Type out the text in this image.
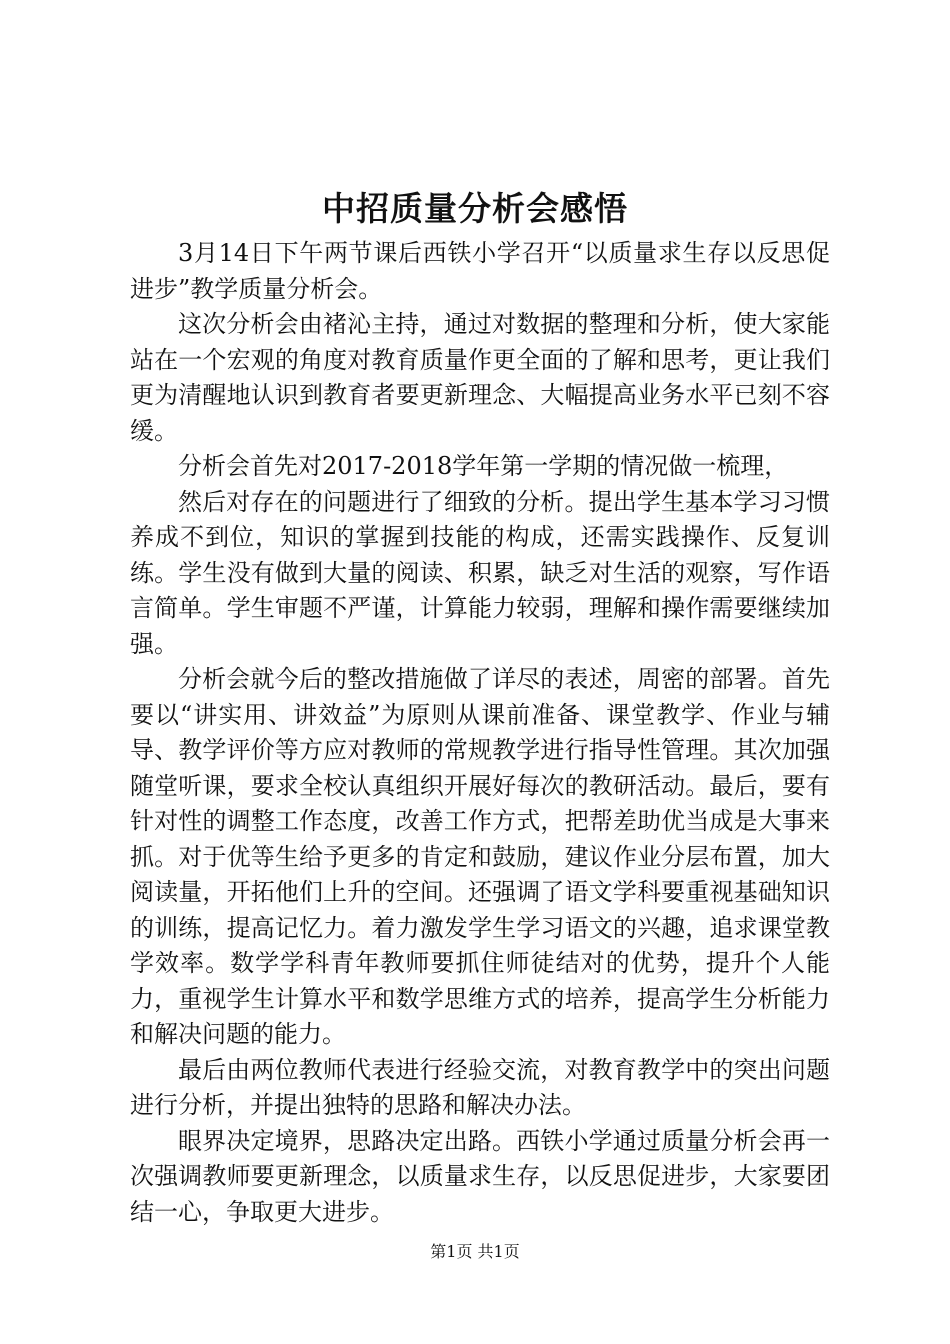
中招质量分析会感悟

3月14日下午两节课后西铁小学召开“以质量求生存以反思促进步”教学质量分析会。

这次分析会由褚沁主持，通过对数据的整理和分析，使大家能站在一个宏观的角度对教育质量作更全面的了解和思考，更让我们更为清醒地认识到教育者要更新理念、大幅提高业务水平已刻不容缓。

分析会首先对2017-2018学年第一学期的情况做一梳理，

然后对存在的问题进行了细致的分析。提出学生基本学习习惯养成不到位，知识的掌握到技能的构成，还需实践操作、反复训练。学生没有做到大量的阅读、积累，缺乏对生活的观察，写作语言简单。学生审题不严谨，计算能力较弱，理解和操作需要继续加强。

分析会就今后的整改措施做了详尽的表述，周密的部署。首先要以“讲实用、讲效益”为原则从课前准备、课堂教学、作业与辅导、教学评价等方应对教师的常规教学进行指导性管理。其次加强随堂听课，要求全校认真组织开展好每次的教研活动。最后，要有针对性的调整工作态度，改善工作方式，把帮差助优当成是大事来抓。对于优等生给予更多的肯定和鼓励，建议作业分层布置，加大阅读量，开拓他们上升的空间。还强调了语文学科要重视基础知识的训练，提高记忆力。着力激发学生学习语文的兴趣，追求课堂教学效率。数学学科青年教师要抓住师徒结对的优势，提升个人能力，重视学生计算水平和数学思维方式的培养，提高学生分析能力和解决问题的能力。

最后由两位教师代表进行经验交流，对教育教学中的突出问题进行分析，并提出独特的思路和解决办法。

眼界决定境界，思路决定出路。西铁小学通过质量分析会再一次强调教师要更新理念，以质量求生存，以反思促进步，大家要团结一心，争取更大进步。

第1页 共1页
